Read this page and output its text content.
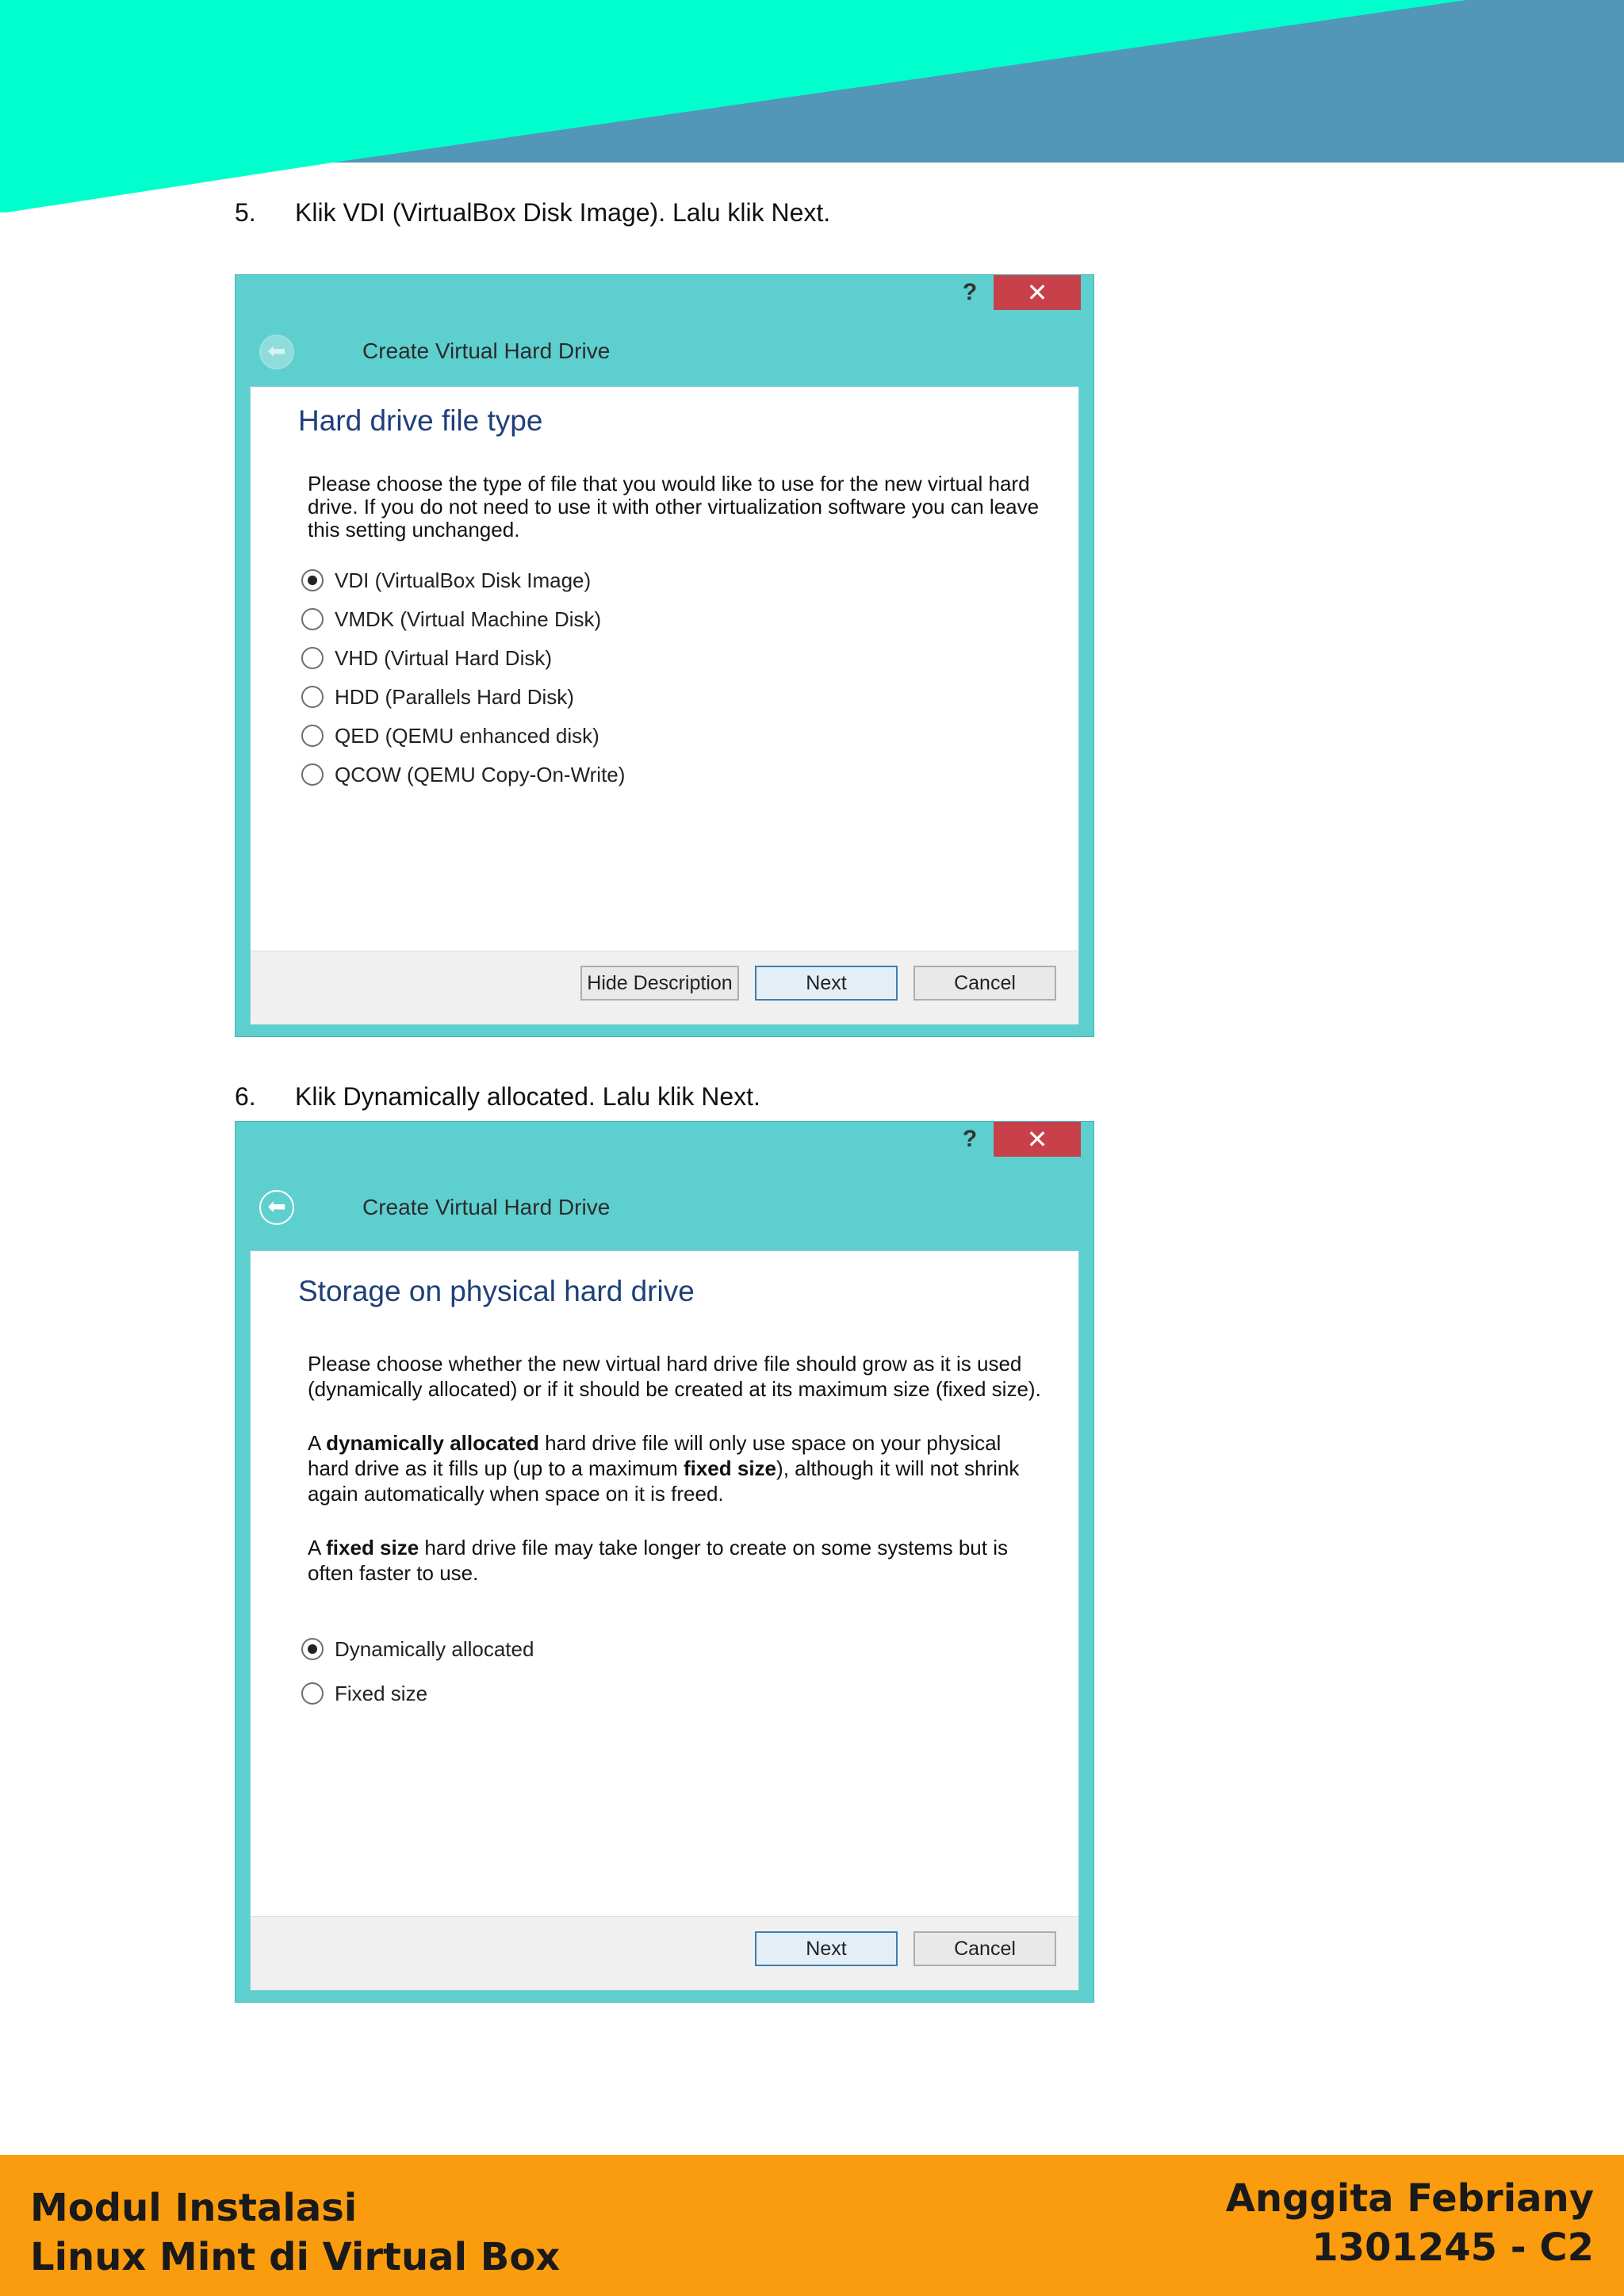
5. Klik VDI (VirtualBox Disk Image). Lalu klik Next.
?	✕
⬅	Create Virtual Hard Drive
Hard drive file type

Please choose the type of file that you would like to use for the new virtual hard drive. If you do not need to use it with other virtualization software you can leave this setting unchanged.

VDI (VirtualBox Disk Image)
VMDK (Virtual Machine Disk)
VHD (Virtual Hard Disk)
HDD (Parallels Hard Disk)
QED (QEMU enhanced disk)
QCOW (QEMU Copy-On-Write)
Hide Description	Next	Cancel
6. Klik Dynamically allocated. Lalu klik Next.
?	✕
⬅	Create Virtual Hard Drive
Storage on physical hard drive

Please choose whether the new virtual hard drive file should grow as it is used (dynamically allocated) or if it should be created at its maximum size (fixed size).

A dynamically allocated hard drive file will only use space on your physical hard drive as it fills up (up to a maximum fixed size), although it will not shrink again automatically when space on it is freed.

A fixed size hard drive file may take longer to create on some systems but is often faster to use.

Dynamically allocated
Fixed size
Next	Cancel
Modul Instalasi
Linux Mint di Virtual Box
Anggita Febriany
1301245 - C2
